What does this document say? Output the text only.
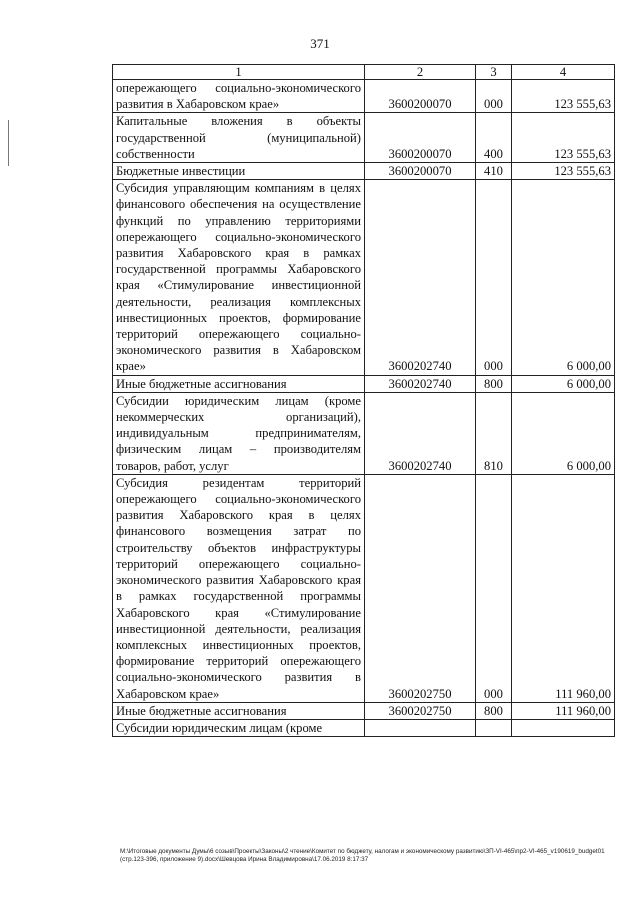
371
1	2	3	4
опережающего социально-экономического развития в Хабаровском крае»	3600200070	000	123 555,63
Капитальные вложения в объекты государственной (муниципальной) собственности	3600200070	400	123 555,63
Бюджетные инвестиции	3600200070	410	123 555,63
Субсидия управляющим компаниям в целях финансового обеспечения на осуществление функций по управлению территориями опережающего социально-экономического развития Хабаровского края в рамках государственной программы Хабаровского края «Стимулирование инвестиционной деятельности, реализация комплексных инвестиционных проектов, формирование территорий опережающего социально-экономического развития в Хабаровском крае»	3600202740	000	6 000,00
Иные бюджетные ассигнования	3600202740	800	6 000,00
Субсидии юридическим лицам (кроме некоммерческих организаций), индивидуальным предпринимателям, физическим лицам – производителям товаров, работ, услуг	3600202740	810	6 000,00
Субсидия резидентам территорий опережающего социально-экономического развития Хабаровского края в целях финансового возмещения затрат по строительству объектов инфраструктуры территорий опережающего социально-экономического развития Хабаровского края в рамках государственной программы Хабаровского края «Стимулирование инвестиционной деятельности, реализация комплексных инвестиционных проектов, формирование территорий опережающего социально-экономического развития в Хабаровском крае»	3600202750	000	111 960,00
Иные бюджетные ассигнования	3600202750	800	111 960,00
Субсидии юридическим лицам (кроме			
М:\Итоговые документы Думы\6 созыв\Проекты\Законы\2 чтение\Комитет по бюджету, налогам и экономическому развитию\ЗП-VI-465\пр2-VI-465_v190619_budget01 (стр.123-396, приложение 9).docx\Шевцова Ирина Владимировна\17.06.2019 8:17:37
